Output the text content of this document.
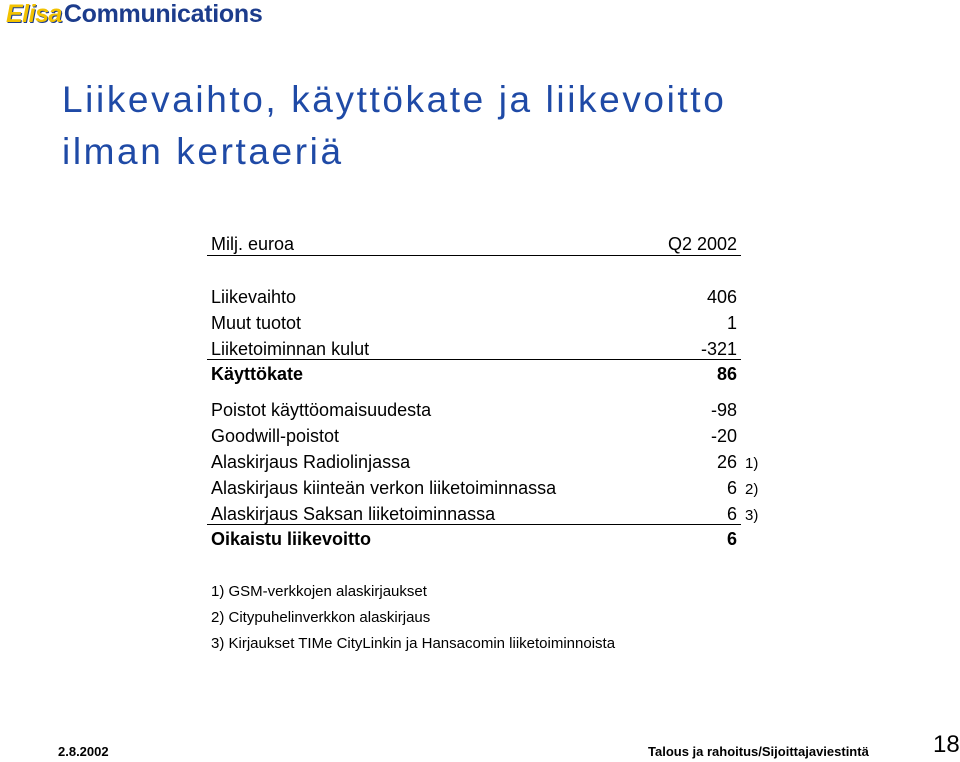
ElisaCommunications
Liikevaihto, käyttökate ja liikevoitto
ilman kertaeriä
Milj. euroa	Q2 2002
Liikevaihto	406
Muut tuotot	1
Liiketoiminnan kulut	-321
Käyttökate	86
Poistot käyttöomaisuudesta	-98
Goodwill-poistot	-20
Alaskirjaus Radiolinjassa	26 1)
Alaskirjaus kiinteän verkon liiketoiminnassa	6 2)
Alaskirjaus Saksan liiketoiminnassa	6 3)
Oikaistu liikevoitto	6
1) GSM-verkkojen alaskirjaukset
2) Citypuhelinverkkon alaskirjaus
3) Kirjaukset TIMe CityLinkin ja Hansacomin liiketoiminnoista
2.8.2002	Talous ja rahoitus/Sijoittajaviestintä	18
